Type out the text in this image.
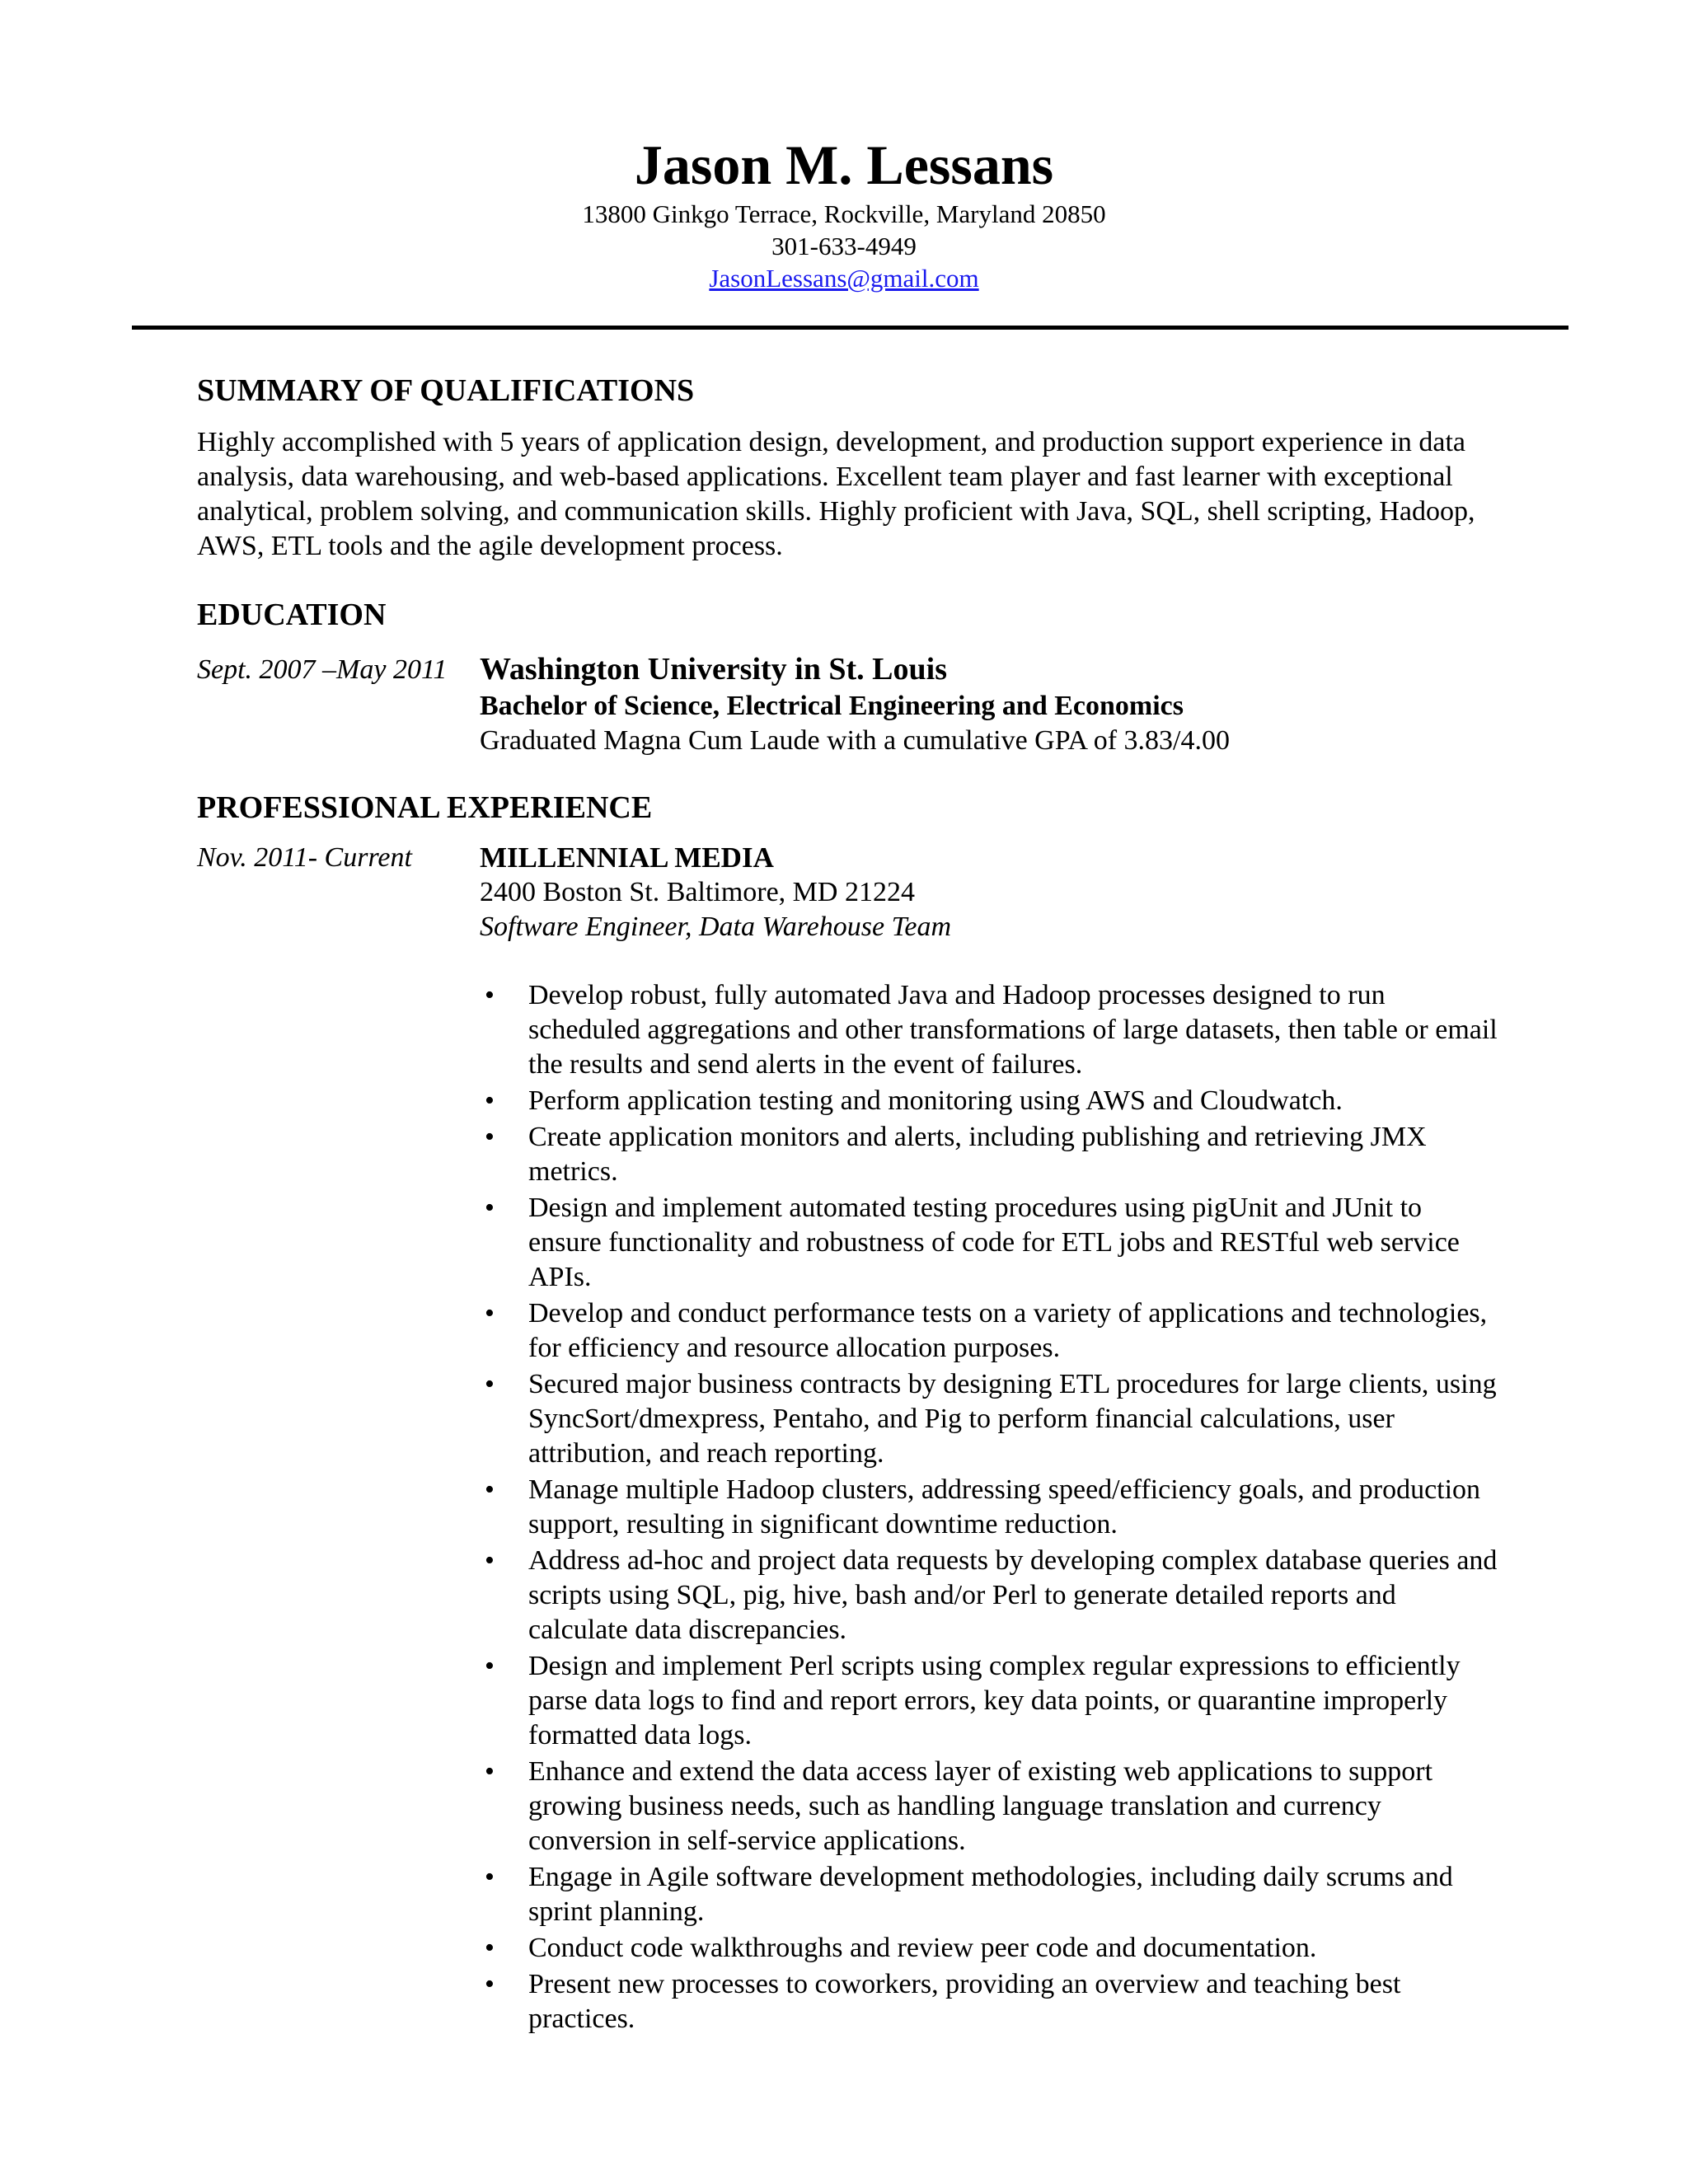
Jason M. Lessans
13800 Ginkgo Terrace, Rockville, Maryland 20850
301-633-4949
JasonLessans@gmail.com
SUMMARY OF QUALIFICATIONS
Highly accomplished with 5 years of application design, development, and production support experience in data analysis, data warehousing, and web-based applications. Excellent team player and fast learner with exceptional analytical, problem solving, and communication skills. Highly proficient with Java, SQL, shell scripting, Hadoop, AWS, ETL tools and the agile development process.
EDUCATION
Sept. 2007 –May 2011 Washington University in St. Louis
Bachelor of Science, Electrical Engineering and Economics
Graduated Magna Cum Laude with a cumulative GPA of 3.83/4.00
PROFESSIONAL EXPERIENCE
Nov. 2011- Current MILLENNIAL MEDIA
2400 Boston St. Baltimore, MD 21224
Software Engineer, Data Warehouse Team
• Develop robust, fully automated Java and Hadoop processes designed to run scheduled aggregations and other transformations of large datasets, then table or email the results and send alerts in the event of failures.
• Perform application testing and monitoring using AWS and Cloudwatch.
• Create application monitors and alerts, including publishing and retrieving JMX metrics.
• Design and implement automated testing procedures using pigUnit and JUnit to ensure functionality and robustness of code for ETL jobs and RESTful web service APIs.
• Develop and conduct performance tests on a variety of applications and technologies, for efficiency and resource allocation purposes.
• Secured major business contracts by designing ETL procedures for large clients, using SyncSort/dmexpress, Pentaho, and Pig to perform financial calculations, user attribution, and reach reporting.
• Manage multiple Hadoop clusters, addressing speed/efficiency goals, and production support, resulting in significant downtime reduction.
• Address ad-hoc and project data requests by developing complex database queries and scripts using SQL, pig, hive, bash and/or Perl to generate detailed reports and calculate data discrepancies.
• Design and implement Perl scripts using complex regular expressions to efficiently parse data logs to find and report errors, key data points, or quarantine improperly formatted data logs.
• Enhance and extend the data access layer of existing web applications to support growing business needs, such as handling language translation and currency conversion in self-service applications.
• Engage in Agile software development methodologies, including daily scrums and sprint planning.
• Conduct code walkthroughs and review peer code and documentation.
• Present new processes to coworkers, providing an overview and teaching best practices.
